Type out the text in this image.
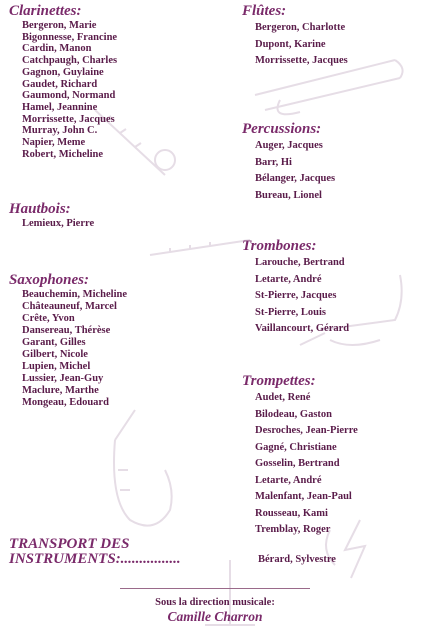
Clarinettes:
Bergeron, Marie
Bigonnesse, Francine
Cardin, Manon
Catchpaugh, Charles
Gagnon, Guylaine
Gaudet, Richard
Gaumond, Normand
Hamel, Jeannine
Morrissette, Jacques
Murray, John C.
Napier, Meme
Robert, Micheline
Hautbois:
Lemieux, Pierre
Saxophones:
Beauchemin, Micheline
Châteauneuf, Marcel
Crête, Yvon
Dansereau, Thérèse
Garant, Gilles
Gilbert, Nicole
Lupien, Michel
Lussier, Jean-Guy
Maclure, Marthe
Mongeau, Edouard
Flûtes:
Bergeron, Charlotte
Dupont, Karine
Morrissette, Jacques
Percussions:
Auger, Jacques
Barr, Hi
Bélanger, Jacques
Bureau, Lionel
Trombones:
Larouche, Bertrand
Letarte, André
St-Pierre, Jacques
St-Pierre, Louis
Vaillancourt, Gérard
Trompettes:
Audet, René
Bilodeau, Gaston
Desroches, Jean-Pierre
Gagné, Christiane
Gosselin, Bertrand
Letarte, André
Malenfant, Jean-Paul
Rousseau, Kami
Tremblay, Roger
TRANSPORT DES
INSTRUMENTS:................	Bérard, Sylvestre
Sous la direction musicale:
Camille Charron
